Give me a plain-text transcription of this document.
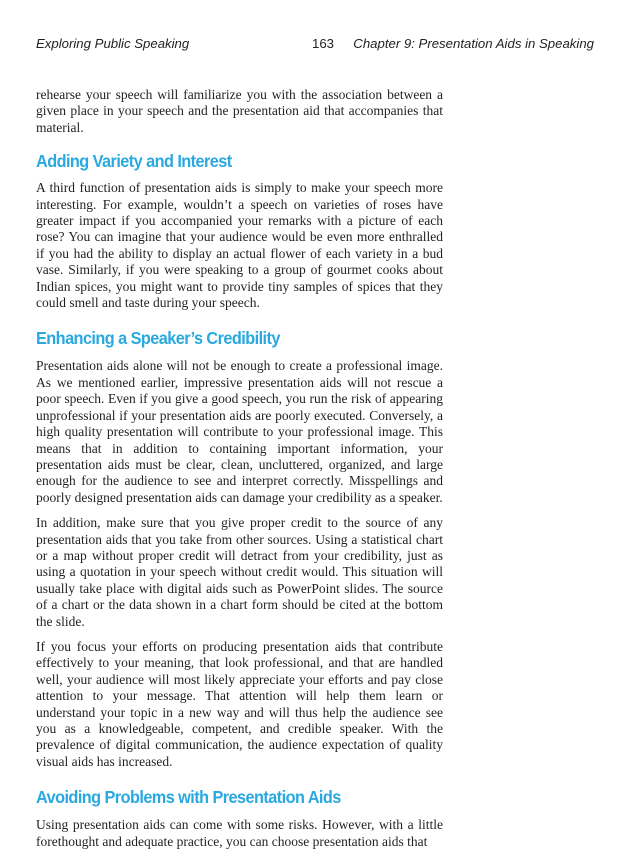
Exploring Public Speaking	163 Chapter 9: Presentation Aids in Speaking

rehearse your speech will familiarize you with the association between a given place in your speech and the presentation aid that accompanies that material.

Adding Variety and Interest

A third function of presentation aids is simply to make your speech more interesting. For example, wouldn’t a speech on varieties of roses have greater impact if you accompanied your remarks with a picture of each rose? You can imagine that your audience would be even more enthralled if you had the ability to display an actual flower of each variety in a bud vase. Similarly, if you were speaking to a group of gourmet cooks about Indian spices, you might want to provide tiny samples of spices that they could smell and taste during your speech.

Enhancing a Speaker’s Credibility

Presentation aids alone will not be enough to create a professional image. As we mentioned earlier, impressive presentation aids will not rescue a poor speech. Even if you give a good speech, you run the risk of appearing unprofessional if your presentation aids are poorly executed. Conversely, a high quality presentation will contribute to your professional image. This means that in addition to containing important information, your presentation aids must be clear, clean, uncluttered, organized, and large enough for the audience to see and interpret correctly. Misspellings and poorly designed presentation aids can damage your credibility as a speaker.

In addition, make sure that you give proper credit to the source of any presentation aids that you take from other sources. Using a statistical chart or a map without proper credit will detract from your credibility, just as using a quotation in your speech without credit would. This situation will usually take place with digital aids such as PowerPoint slides. The source of a chart or the data shown in a chart form should be cited at the bottom the slide.

If you focus your efforts on producing presentation aids that contribute effectively to your meaning, that look professional, and that are handled well, your audience will most likely appreciate your efforts and pay close attention to your message. That attention will help them learn or understand your topic in a new way and will thus help the audience see you as a knowledgeable, competent, and credible speaker. With the prevalence of digital communication, the audience expectation of quality visual aids has increased.

Avoiding Problems with Presentation Aids

Using presentation aids can come with some risks. However, with a little forethought and adequate practice, you can choose presentation aids that
